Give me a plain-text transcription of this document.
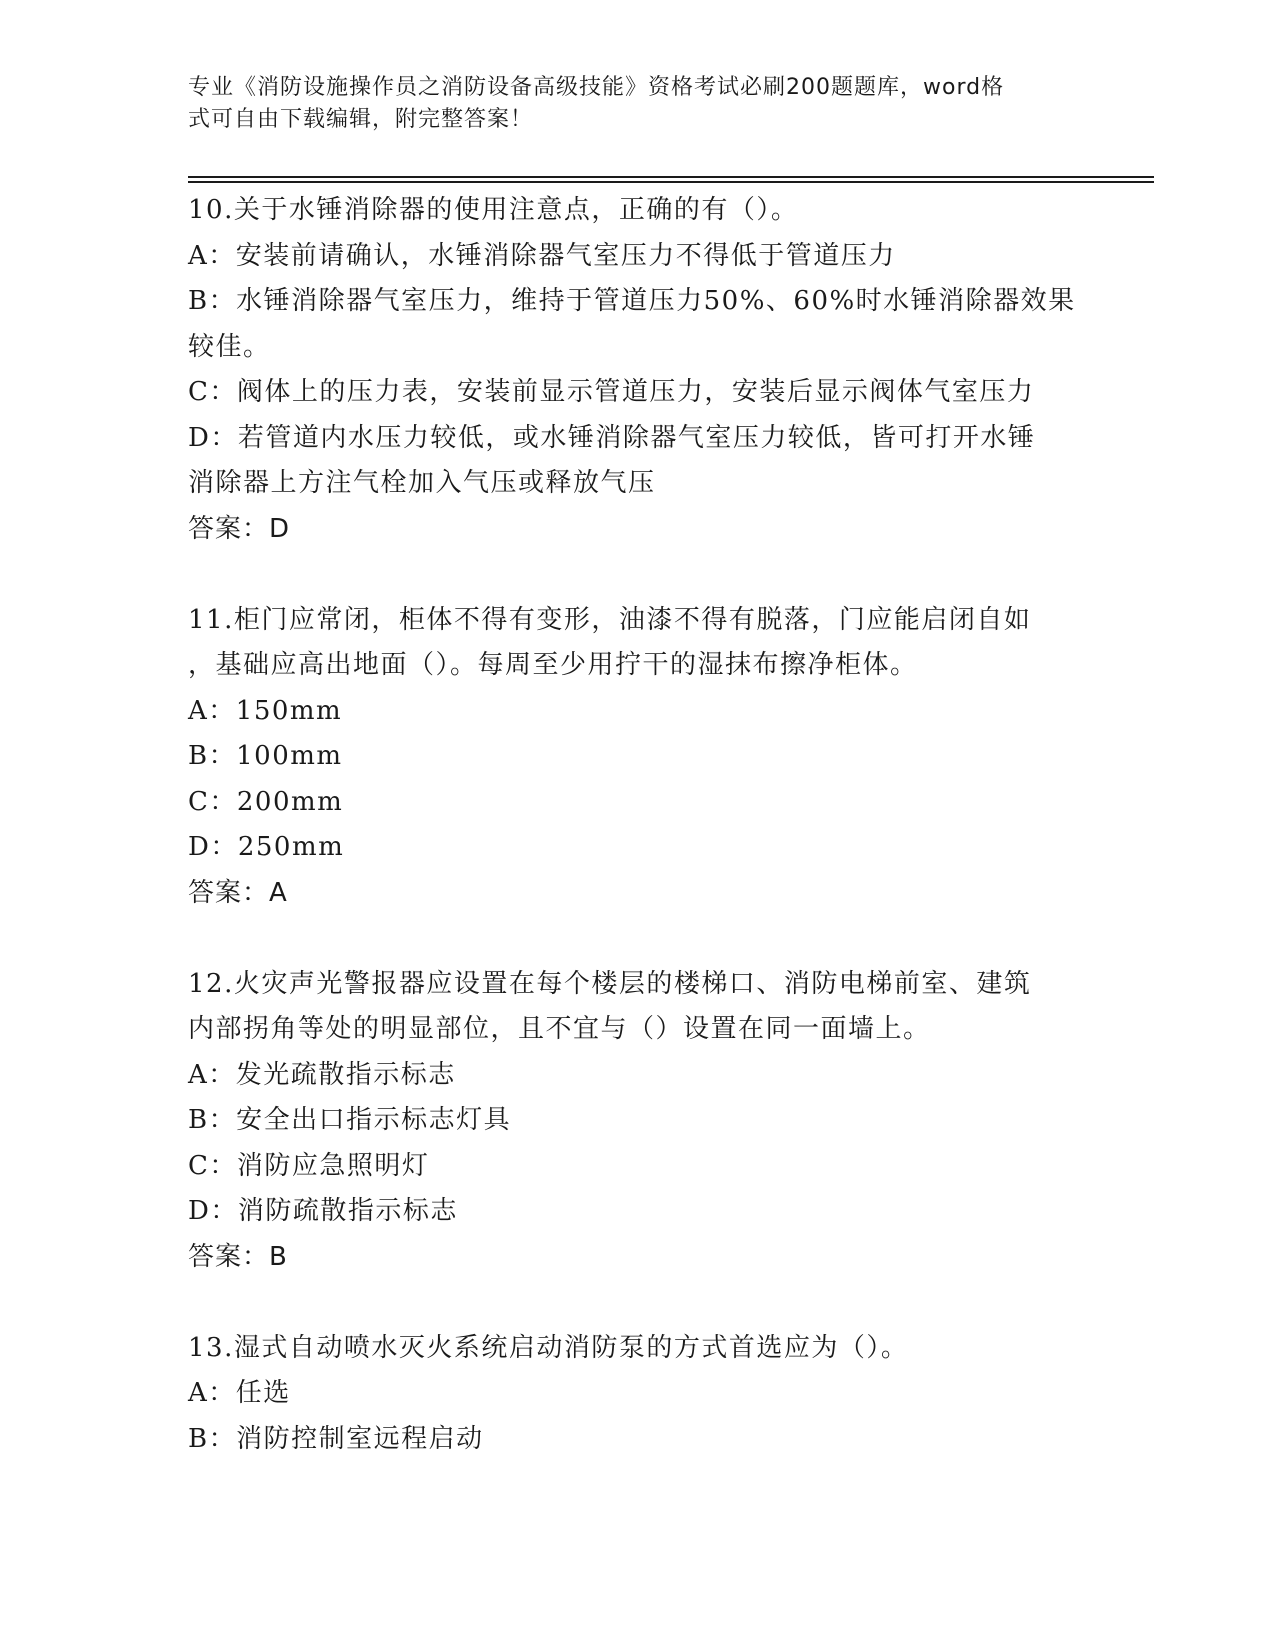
专业《消防设施操作员之消防设备高级技能》资格考试必刷200题题库，word格
式可自由下载编辑，附完整答案！
10.关于水锤消除器的使用注意点，正确的有（）。
A：安装前请确认，水锤消除器气室压力不得低于管道压力
B：水锤消除器气室压力，维持于管道压力50%、60%时水锤消除器效果
较佳。
C：阀体上的压力表，安装前显示管道压力，安装后显示阀体气室压力
D：若管道内水压力较低，或水锤消除器气室压力较低，皆可打开水锤
消除器上方注气栓加入气压或释放气压
答案：D
11.柜门应常闭，柜体不得有变形，油漆不得有脱落，门应能启闭自如
，基础应高出地面（）。每周至少用拧干的湿抹布擦净柜体。
A：150mm
B：100mm
C：200mm
D：250mm
答案：A
12.火灾声光警报器应设置在每个楼层的楼梯口、消防电梯前室、建筑
内部拐角等处的明显部位，且不宜与（）设置在同一面墙上。
A：发光疏散指示标志
B：安全出口指示标志灯具
C：消防应急照明灯
D：消防疏散指示标志
答案：B
13.湿式自动喷水灭火系统启动消防泵的方式首选应为（）。
A：任选
B：消防控制室远程启动
